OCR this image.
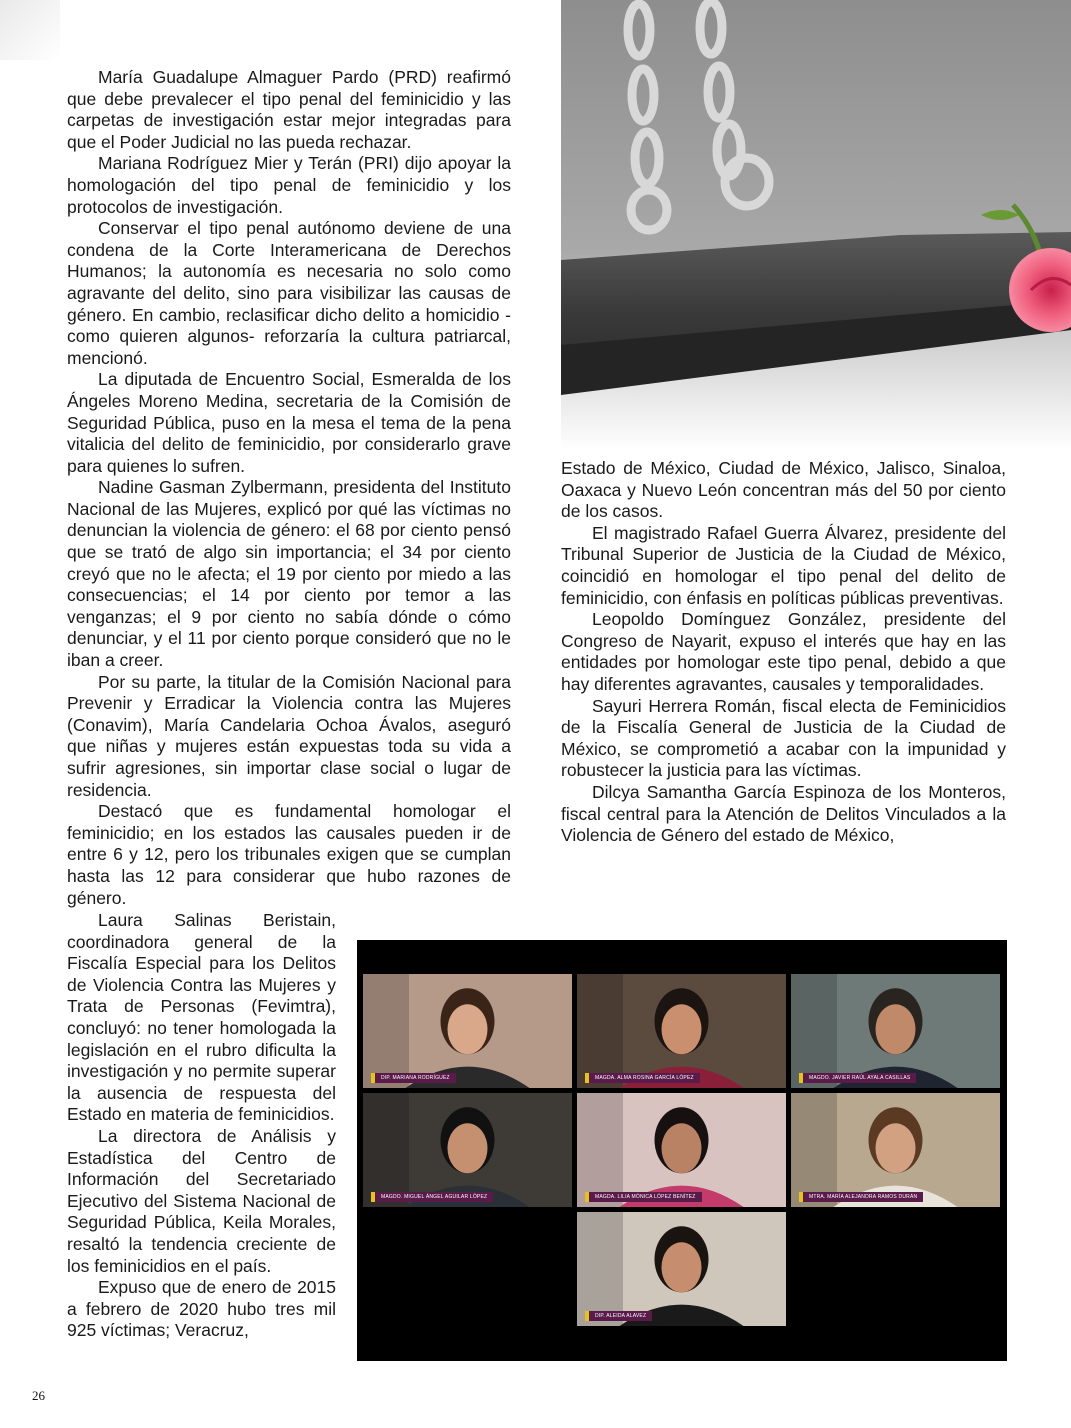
María Guadalupe Almaguer Pardo (PRD) reafirmó que debe prevalecer el tipo penal del feminicidio y las carpetas de investigación estar mejor integradas para que el Poder Judicial no las pueda rechazar.

Mariana Rodríguez Mier y Terán (PRI) dijo apoyar la homologación del tipo penal de feminicidio y los protocolos de investigación.

Conservar el tipo penal autónomo deviene de una condena de la Corte Interamericana de Derechos Humanos; la autonomía es necesaria no solo como agravante del delito, sino para visibilizar las causas de género. En cambio, reclasificar dicho delito a homicidio -como quieren algunos- reforzaría la cultura patriarcal, mencionó.

La diputada de Encuentro Social, Esmeralda de los Ángeles Moreno Medina, secretaria de la Comisión de Seguridad Pública, puso en la mesa el tema de la pena vitalicia del delito de feminicidio, por considerarlo grave para quienes lo sufren.

Nadine Gasman Zylbermann, presidenta del Instituto Nacional de las Mujeres, explicó por qué las víctimas no denuncian la violencia de género: el 68 por ciento pensó que se trató de algo sin importancia; el 34 por ciento creyó que no le afecta; el 19 por ciento por miedo a las consecuencias; el 14 por ciento por temor a las venganzas; el 9 por ciento no sabía dónde o cómo denunciar, y el 11 por ciento porque consideró que no le iban a creer.

Por su parte, la titular de la Comisión Nacional para Prevenir y Erradicar la Violencia contra las Mujeres (Conavim), María Candelaria Ochoa Ávalos, aseguró que niñas y mujeres están expuestas toda su vida a sufrir agresiones, sin importar clase social o lugar de residencia.

Destacó que es fundamental homologar el feminicidio; en los estados las causales pueden ir de entre 6 y 12, pero los tribunales exigen que se cumplan hasta las 12 para considerar que hubo razones de género.

Laura Salinas Beristain, coordinadora general de la Fiscalía Especial para los Delitos de Violencia Contra las Mujeres y Trata de Personas (Fevimtra), concluyó: no tener homologada la legislación en el rubro dificulta la investigación y no permite superar la ausencia de respuesta del Estado en materia de feminicidios.

La directora de Análisis y Estadística del Centro de Información del Secretariado Ejecutivo del Sistema Nacional de Seguridad Pública, Keila Morales, resaltó la tendencia creciente de los feminicidios en el país.

Expuso que de enero de 2015 a febrero de 2020 hubo tres mil 925 víctimas; Veracruz,

Estado de México, Ciudad de México, Jalisco, Sinaloa, Oaxaca y Nuevo León concentran más del 50 por ciento de los casos.

El magistrado Rafael Guerra Álvarez, presidente del Tribunal Superior de Justicia de la Ciudad de México, coincidió en homologar el tipo penal del delito de feminicidio, con énfasis en políticas públicas preventivas.

Leopoldo Domínguez González, presidente del Congreso de Nayarit, expuso el interés que hay en las entidades por homologar este tipo penal, debido a que hay diferentes agravantes, causales y temporalidades.

Sayuri Herrera Román, fiscal electa de Feminicidios de la Fiscalía General de Justicia de la Ciudad de México, se comprometió a acabar con la impunidad y robustecer la justicia para las víctimas.

Dilcya Samantha García Espinoza de los Monteros, fiscal central para la Atención de Delitos Vinculados a la Violencia de Género del estado de México,

DIP. MARIANA RODRÍGUEZ	MAGDA. ALMA ROSINA GARCÍA LÓPEZ	MAGDO. JAVIER RAÚL AYALA CASILLAS
MAGDO. MIGUEL ÁNGEL AGUILAR LÓPEZ	MAGDA. LILIA MÓNICA LÓPEZ BENÍTEZ	MTRA. MARÍA ALEJANDRA RAMOS DURÁN
DIP. ALEIDA ALAVEZ
26
